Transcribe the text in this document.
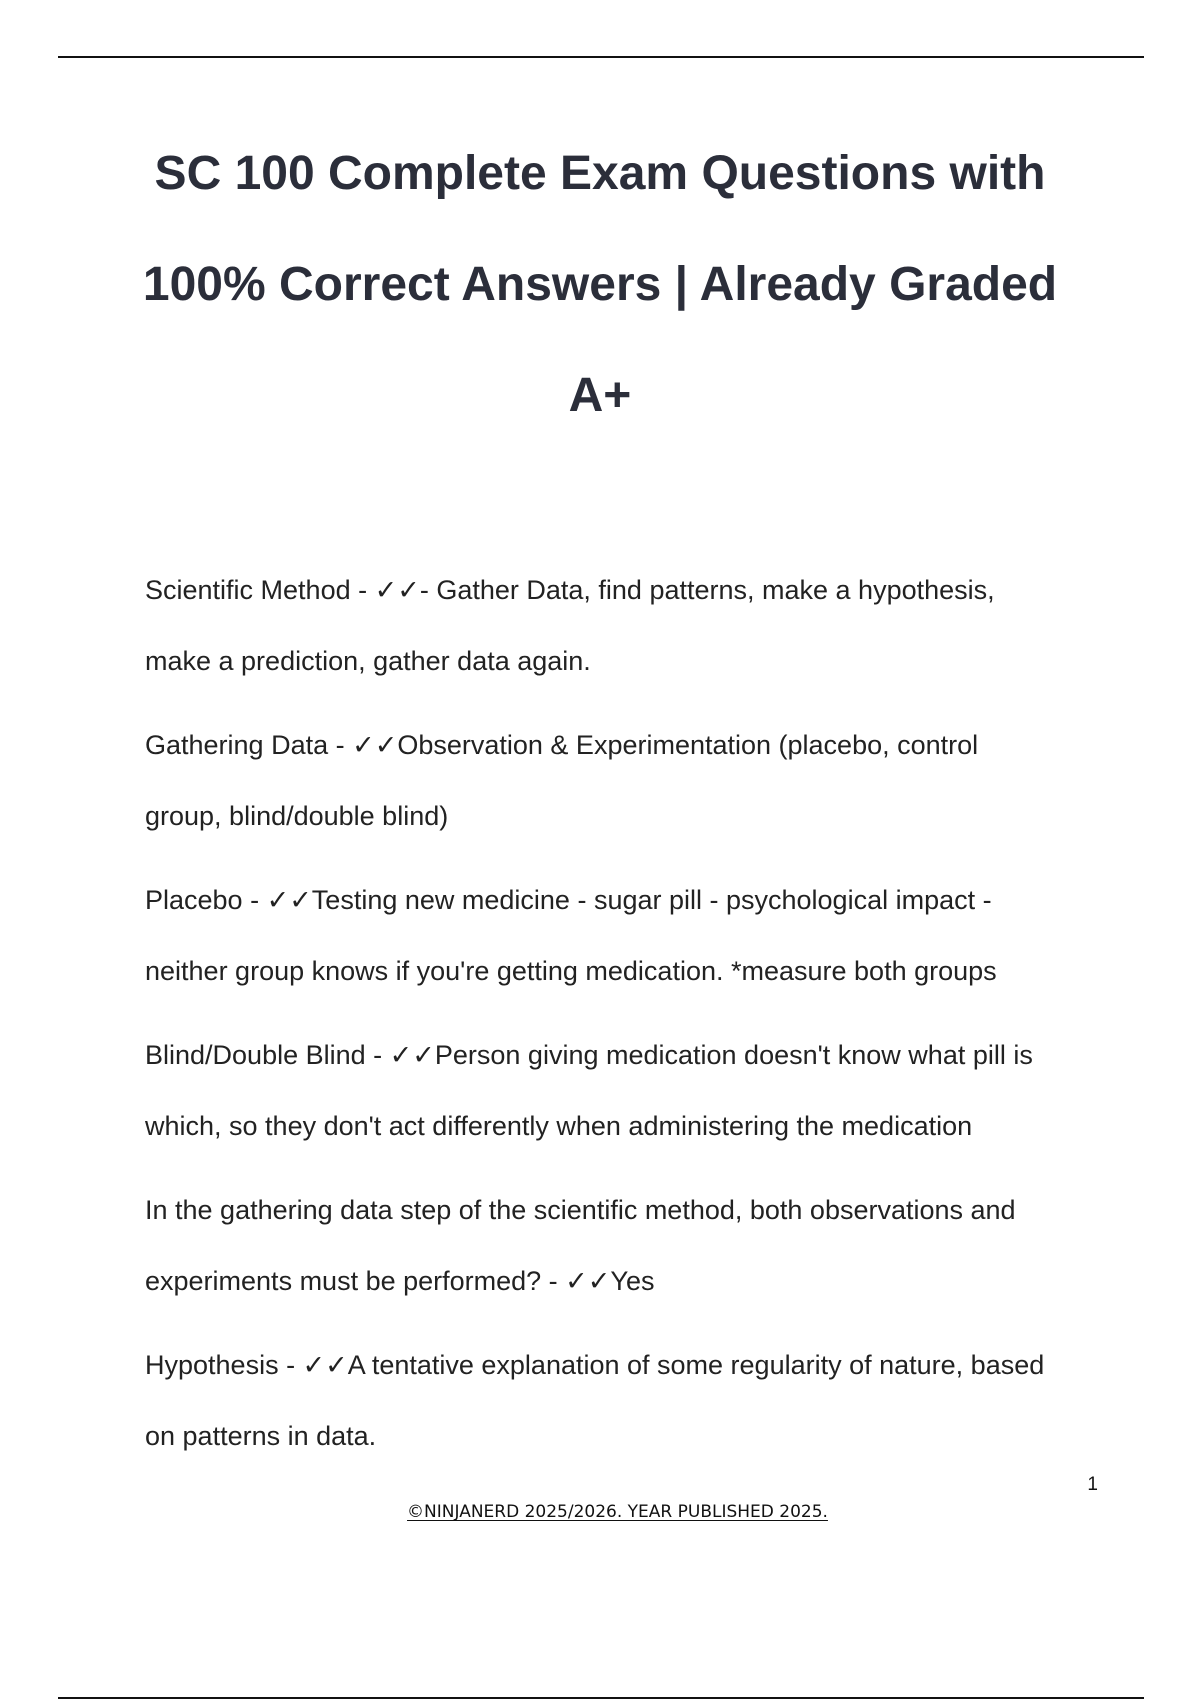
SC 100 Complete Exam Questions with
100% Correct Answers | Already Graded
A+

Scientific Method - ✓✓- Gather Data, find patterns, make a hypothesis,
make a prediction, gather data again.

Gathering Data - ✓✓Observation & Experimentation (placebo, control
group, blind/double blind)

Placebo - ✓✓Testing new medicine - sugar pill - psychological impact -
neither group knows if you're getting medication. *measure both groups

Blind/Double Blind - ✓✓Person giving medication doesn't know what pill is
which, so they don't act differently when administering the medication

In the gathering data step of the scientific method, both observations and
experiments must be performed? - ✓✓Yes

Hypothesis - ✓✓A tentative explanation of some regularity of nature, based
on patterns in data.

1
©NINJANERD 2025/2026. YEAR PUBLISHED 2025.
